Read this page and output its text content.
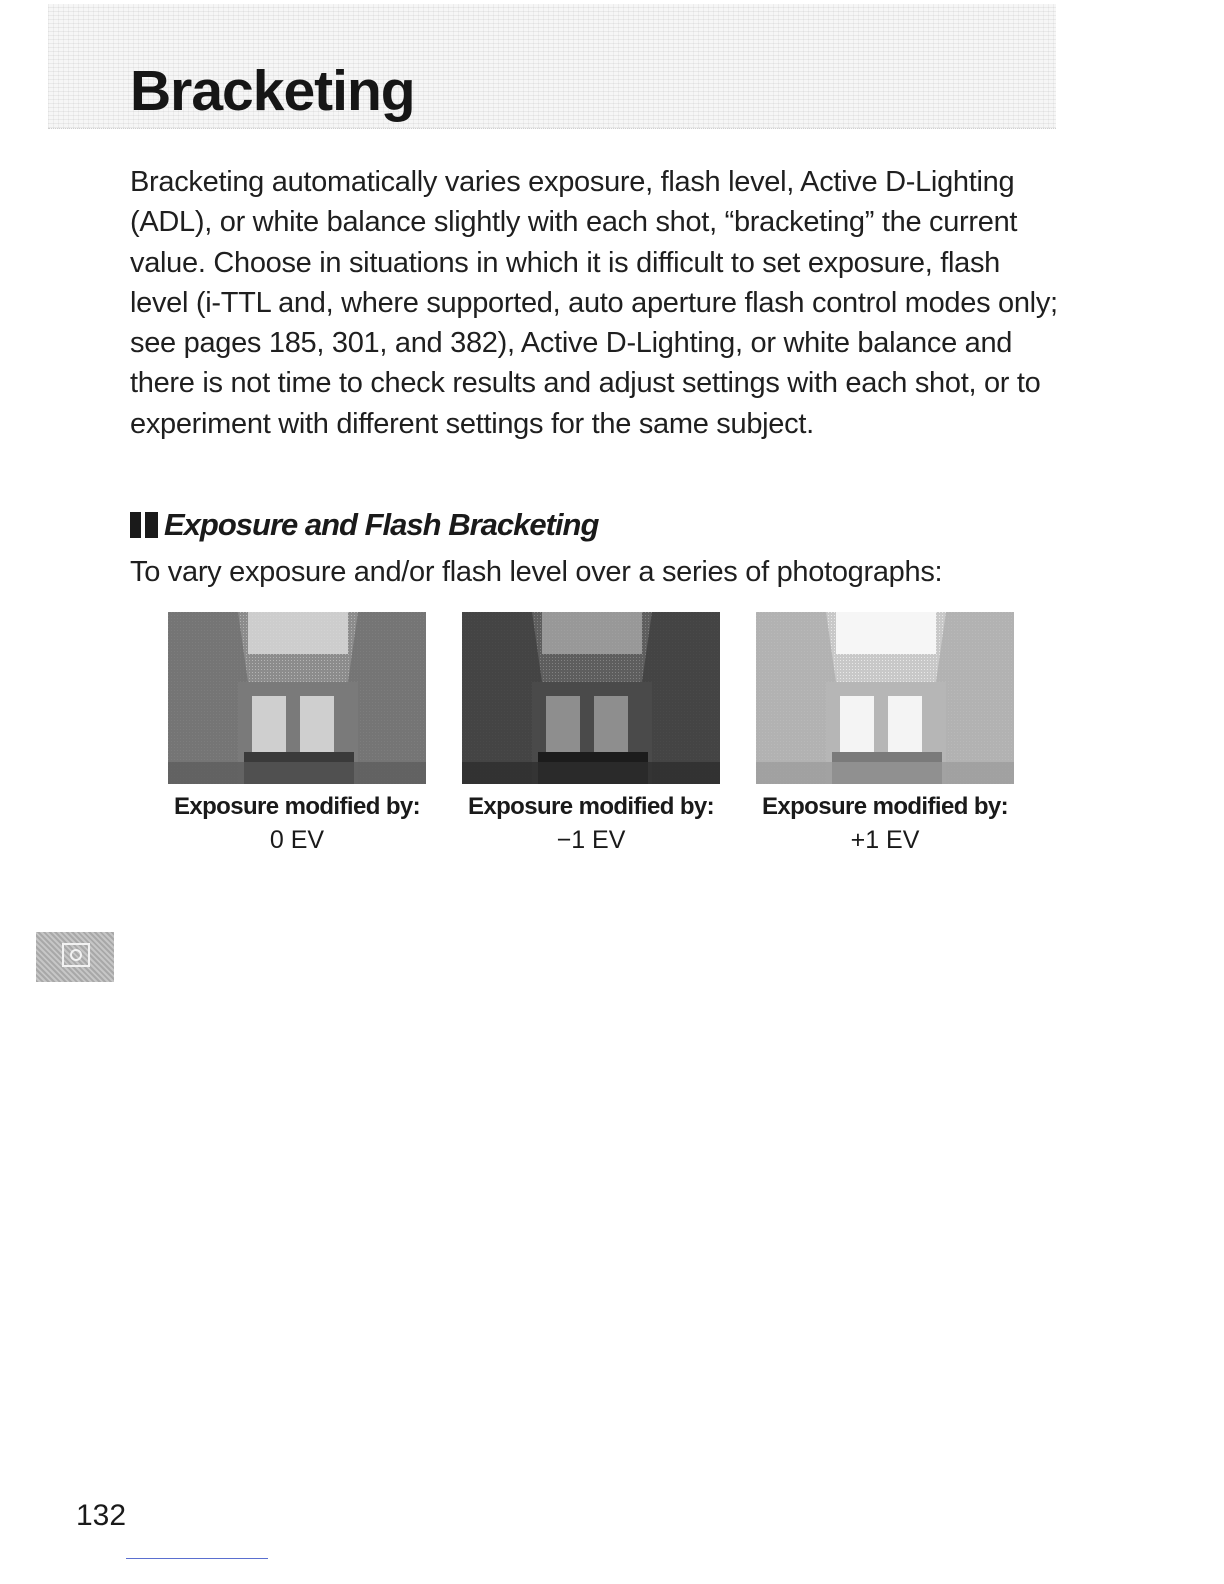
Bracketing

Bracketing automatically varies exposure, flash level, Active D-Lighting (ADL), or white balance slightly with each shot, “bracketing” the current value. Choose in situations in which it is difficult to set exposure, flash level (i-TTL and, where supported, auto aperture flash control modes only; see pages 185, 301, and 382), Active D-Lighting, or white balance and there is not time to check results and adjust settings with each shot, or to experiment with different settings for the same subject.

Exposure and Flash Bracketing

To vary exposure and/or flash level over a series of photographs:

Exposure modified by:
0 EV
Exposure modified by:
−1 EV
Exposure modified by:
+1 EV

132
